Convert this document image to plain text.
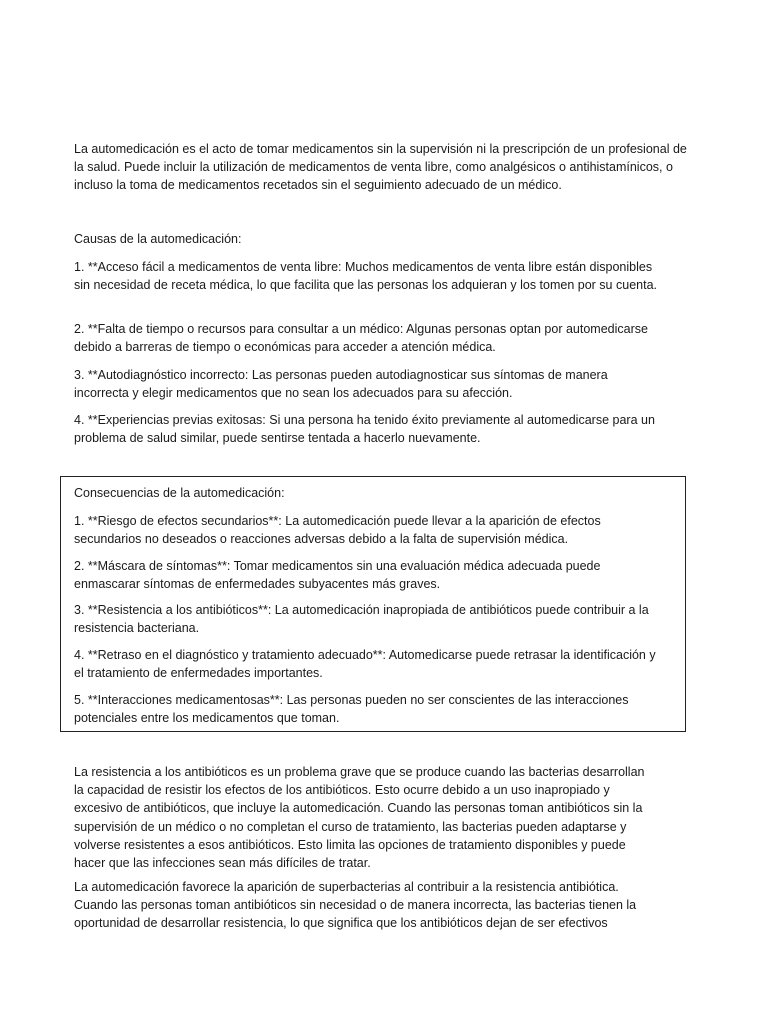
La automedicación es el acto de tomar medicamentos sin la supervisión ni la prescripción de un profesional de la salud. Puede incluir la utilización de medicamentos de venta libre, como analgésicos o antihistamínicos, o incluso la toma de medicamentos recetados sin el seguimiento adecuado de un médico.

Causas de la automedicación:

1. **Acceso fácil a medicamentos de venta libre: Muchos medicamentos de venta libre están disponibles sin necesidad de receta médica, lo que facilita que las personas los adquieran y los tomen por su cuenta.

2. **Falta de tiempo o recursos para consultar a un médico: Algunas personas optan por automedicarse debido a barreras de tiempo o económicas para acceder a atención médica.

3. **Autodiagnóstico incorrecto: Las personas pueden autodiagnosticar sus síntomas de manera incorrecta y elegir medicamentos que no sean los adecuados para su afección.

4. **Experiencias previas exitosas: Si una persona ha tenido éxito previamente al automedicarse para un problema de salud similar, puede sentirse tentada a hacerlo nuevamente.

Consecuencias de la automedicación:

1. **Riesgo de efectos secundarios**: La automedicación puede llevar a la aparición de efectos secundarios no deseados o reacciones adversas debido a la falta de supervisión médica.

2. **Máscara de síntomas**: Tomar medicamentos sin una evaluación médica adecuada puede enmascarar síntomas de enfermedades subyacentes más graves.

3. **Resistencia a los antibióticos**: La automedicación inapropiada de antibióticos puede contribuir a la resistencia bacteriana.

4. **Retraso en el diagnóstico y tratamiento adecuado**: Automedicarse puede retrasar la identificación y el tratamiento de enfermedades importantes.

5. **Interacciones medicamentosas**: Las personas pueden no ser conscientes de las interacciones potenciales entre los medicamentos que toman.

La resistencia a los antibióticos es un problema grave que se produce cuando las bacterias desarrollan la capacidad de resistir los efectos de los antibióticos. Esto ocurre debido a un uso inapropiado y excesivo de antibióticos, que incluye la automedicación. Cuando las personas toman antibióticos sin la supervisión de un médico o no completan el curso de tratamiento, las bacterias pueden adaptarse y volverse resistentes a esos antibióticos. Esto limita las opciones de tratamiento disponibles y puede hacer que las infecciones sean más difíciles de tratar.

La automedicación favorece la aparición de superbacterias al contribuir a la resistencia antibiótica. Cuando las personas toman antibióticos sin necesidad o de manera incorrecta, las bacterias tienen la oportunidad de desarrollar resistencia, lo que significa que los antibióticos dejan de ser efectivos
